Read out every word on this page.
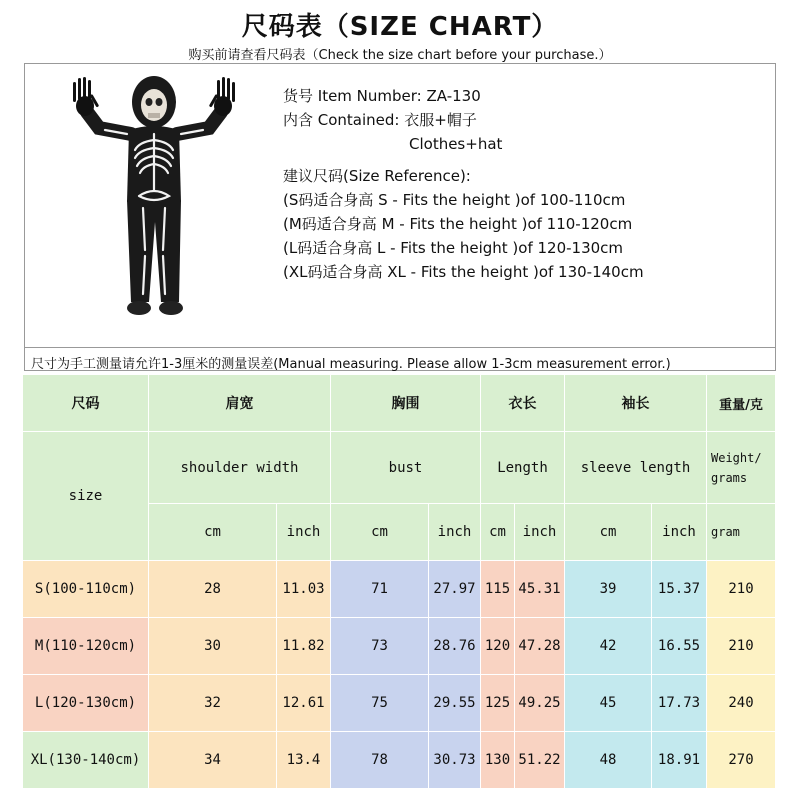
尺码表（SIZE CHART）
购买前请查看尺码表（Check the size chart before your purchase.）
货号 Item Number: ZA-130
内含 Contained: 衣服+帽子
Clothes+hat
建议尺码(Size Reference):
(S码适合身高 S - Fits the height )of 100-110cm
(M码适合身高 M - Fits the height )of 110-120cm
(L码适合身高 L - Fits the height )of 120-130cm
(XL码适合身高 XL - Fits the height )of 130-140cm
尺寸为手工测量请允许1-3厘米的测量误差(Manual measuring. Please allow 1-3cm measurement error.)
尺码	肩宽		胸围		衣长		袖长		重量/克
size	shoulder width		bust		Length		sleeve length		Weight/ grams
	cm	inch	cm	inch	cm	inch	cm	inch	gram
S(100-110cm)	28	11.03	71	27.97	115	45.31	39	15.37	210
M(110-120cm)	30	11.82	73	28.76	120	47.28	42	16.55	210
L(120-130cm)	32	12.61	75	29.55	125	49.25	45	17.73	240
XL(130-140cm)	34	13.4	78	30.73	130	51.22	48	18.91	270
